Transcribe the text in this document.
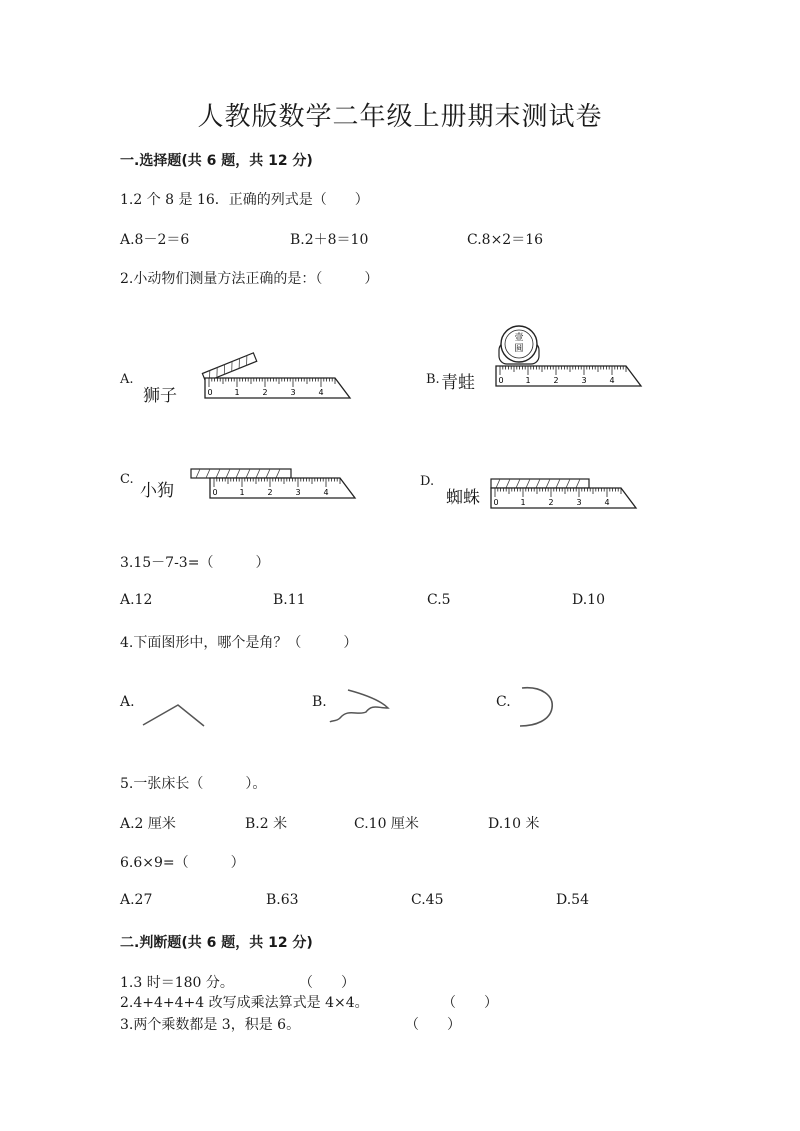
人教版数学二年级上册期末测试卷
一.选择题(共 6 题，共 12 分)
1.2 个 8 是 16．正确的列式是（　　）
A.8－2＝6	B.2＋8＝10	C.8×2＝16
2.小动物们测量方法正确的是：（　　　）
A.
狮子	0	1	2	3	4
B. 青蛙
壹
圆
0	1	2	3	4
C.
小狗	0	1	2	3	4
D.
蜘蛛 0	1	2	3	4
3.15－7-3=（　　　）
A.12	B.11	C.5	D.10
4.下面图形中，哪个是角？（　　　）
A.	B.	C.
5.一张床长（　　　）。
A.2 厘米	B.2 米	C.10 厘米	D.10 米
6.6×9=（　　　）
A.27	B.63	C.45	D.54
二.判断题(共 6 题，共 12 分)
1.3 时＝180 分。	（　　）
2.4+4+4+4 改写成乘法算式是 4×4。	（　　）
3.两个乘数都是 3，积是 6。	（　　）
